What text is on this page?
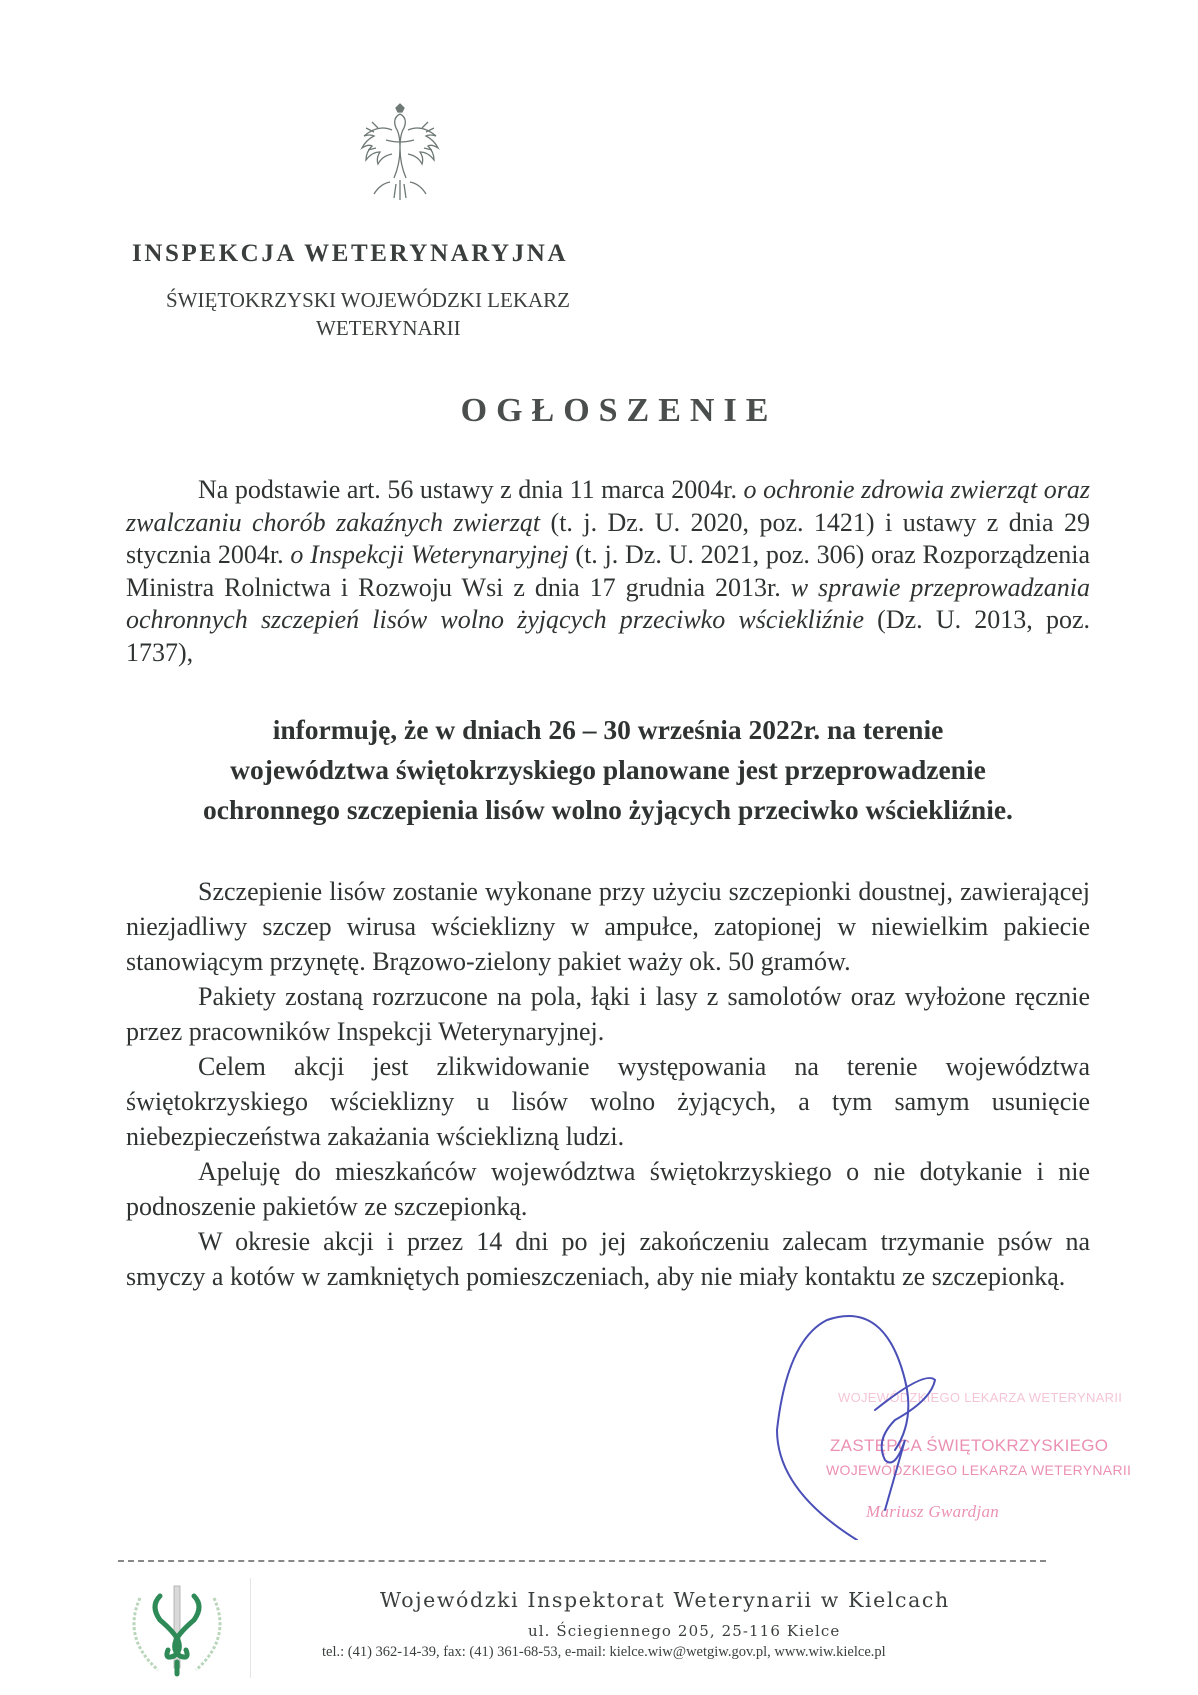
INSPEKCJA WETERYNARYJNA
ŚWIĘTOKRZYSKI WOJEWÓDZKI LEKARZ
WETERYNARII
OGŁOSZENIE

Na podstawie art. 56 ustawy z dnia 11 marca 2004r. o ochronie zdrowia zwierząt oraz zwalczaniu chorób zakaźnych zwierząt (t. j. Dz. U. 2020, poz. 1421) i ustawy z dnia 29 stycznia 2004r. o Inspekcji Weterynaryjnej (t. j. Dz. U. 2021, poz. 306) oraz Rozporządzenia Ministra Rolnictwa i Rozwoju Wsi z dnia 17 grudnia 2013r. w sprawie przeprowadzania ochronnych szczepień lisów wolno żyjących przeciwko wściekliźnie (Dz. U. 2013, poz. 1737),

informuję, że w dniach 26 – 30 września 2022r. na terenie
województwa świętokrzyskiego planowane jest przeprowadzenie
ochronnego szczepienia lisów wolno żyjących przeciwko wściekliźnie.

Szczepienie lisów zostanie wykonane przy użyciu szczepionki doustnej, zawierającej niezjadliwy szczep wirusa wścieklizny w ampułce, zatopionej w niewielkim pakiecie stanowiącym przynętę. Brązowo-zielony pakiet waży ok. 50 gramów.

Pakiety zostaną rozrzucone na pola, łąki i lasy z samolotów oraz wyłożone ręcznie przez pracowników Inspekcji Weterynaryjnej.

Celem akcji jest zlikwidowanie występowania na terenie województwa świętokrzyskiego wścieklizny u lisów wolno żyjących, a tym samym usunięcie niebezpieczeństwa zakażania wścieklizną ludzi.

Apeluję do mieszkańców województwa świętokrzyskiego o nie dotykanie i nie podnoszenie pakietów ze szczepionką.

W okresie akcji i przez 14 dni po jej zakończeniu zalecam trzymanie psów na smyczy a kotów w zamkniętych pomieszczeniach, aby nie miały kontaktu ze szczepionką.

WOJEWÓDZKIEGO LEKARZA WETERYNARII
ZASTĘPCA ŚWIĘTOKRZYSKIEGO
WOJEWÓDZKIEGO LEKARZA WETERYNARII
Mariusz Gwardjan
Wojewódzki Inspektorat Weterynarii w Kielcach
ul. Ściegiennego 205, 25-116 Kielce
tel.: (41) 362-14-39, fax: (41) 361-68-53, e-mail: kielce.wiw@wetgiw.gov.pl, www.wiw.kielce.pl
